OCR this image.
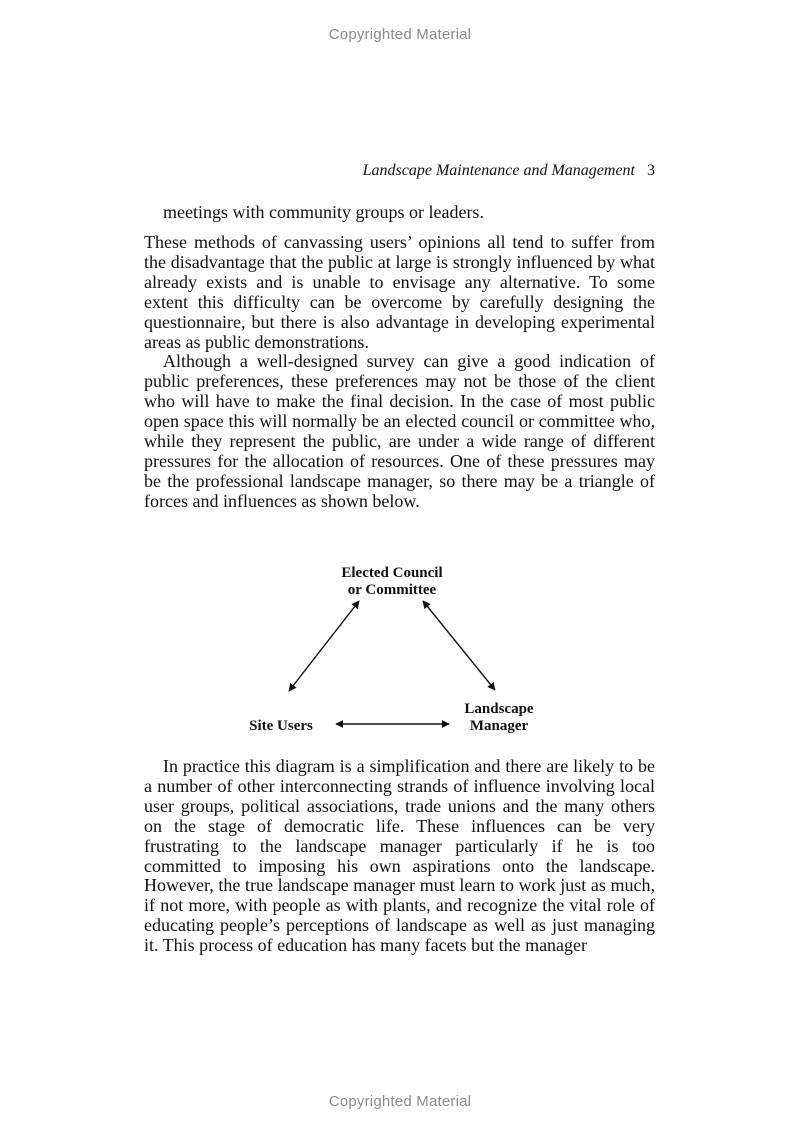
Copyrighted Material
Landscape Maintenance and Management 3

meetings with community groups or leaders.

These methods of canvassing users’ opinions all tend to suffer from the disadvantage that the public at large is strongly influenced by what already exists and is unable to envisage any alternative. To some extent this difficulty can be overcome by carefully designing the questionnaire, but there is also advantage in developing experimental areas as public demonstrations.

Although a well-designed survey can give a good indication of public preferences, these preferences may not be those of the client who will have to make the final decision. In the case of most public open space this will normally be an elected council or committee who, while they represent the public, are under a wide range of different pressures for the allocation of resources. One of these pressures may be the professional landscape manager, so there may be a triangle of forces and influences as shown below.

Elected Council
or Committee
Landscape
Manager
Site Users

In practice this diagram is a simplification and there are likely to be a number of other interconnecting strands of influence involving local user groups, political associations, trade unions and the many others on the stage of democratic life. These influences can be very frustrating to the landscape manager particularly if he is too committed to imposing his own aspirations onto the landscape. However, the true landscape manager must learn to work just as much, if not more, with people as with plants, and recognize the vital role of educating people’s perceptions of landscape as well as just managing it. This process of education has many facets but the manager

Copyrighted Material
